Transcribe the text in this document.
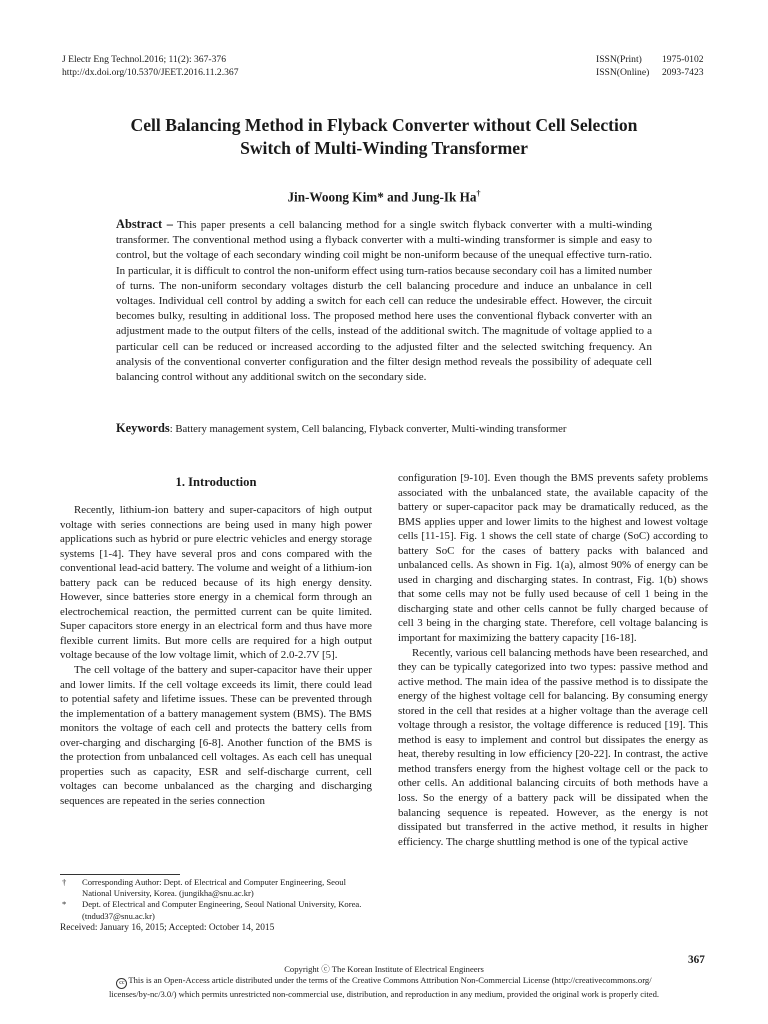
J Electr Eng Technol.2016; 11(2): 367-376
http://dx.doi.org/10.5370/JEET.2016.11.2.367
ISSN(Print) 1975-0102
ISSN(Online) 2093-7423
Cell Balancing Method in Flyback Converter without Cell Selection
Switch of Multi-Winding Transformer
Jin-Woong Kim* and Jung-Ik Ha†
Abstract – This paper presents a cell balancing method for a single switch flyback converter with a multi-winding transformer. The conventional method using a flyback converter with a multi-winding transformer is simple and easy to control, but the voltage of each secondary winding coil might be non-uniform because of the unequal effective turn-ratio. In particular, it is difficult to control the non-uniform effect using turn-ratios because secondary coil has a limited number of turns. The non-uniform secondary voltages disturb the cell balancing procedure and induce an unbalance in cell voltages. Individual cell control by adding a switch for each cell can reduce the undesirable effect. However, the circuit becomes bulky, resulting in additional loss. The proposed method here uses the conventional flyback converter with an adjustment made to the output filters of the cells, instead of the additional switch. The magnitude of voltage applied to a particular cell can be reduced or increased according to the adjusted filter and the selected switching frequency. An analysis of the conventional converter configuration and the filter design method reveals the possibility of adequate cell balancing control without any additional switch on the secondary side.
Keywords: Battery management system, Cell balancing, Flyback converter, Multi-winding transformer
1. Introduction

Recently, lithium-ion battery and super-capacitors of high output voltage with series connections are being used in many high power applications such as hybrid or pure electric vehicles and energy storage systems [1-4]. They have several pros and cons compared with the conventional lead-acid battery. The volume and weight of a lithium-ion battery pack can be reduced because of its high energy density. However, since batteries store energy in a chemical form through an electrochemical reaction, the permitted current can be quite limited. Super capacitors store energy in an electrical form and thus have more flexible current limits. But more cells are required for a high output voltage because of the low voltage limit, which of 2.0-2.7V [5].

The cell voltage of the battery and super-capacitor have their upper and lower limits. If the cell voltage exceeds its limit, there could lead to potential safety and lifetime issues. These can be prevented through the implementation of a battery management system (BMS). The BMS monitors the voltage of each cell and protects the battery cells from over-charging and discharging [6-8]. Another function of the BMS is the protection from unbalanced cell voltages. As each cell has unequal properties such as capacity, ESR and self-discharge current, cell voltages can become unbalanced as the charging and discharging sequences are repeated in the series connection

configuration [9-10]. Even though the BMS prevents safety problems associated with the unbalanced state, the available capacity of the battery or super-capacitor pack may be dramatically reduced, as the BMS applies upper and lower limits to the highest and lowest voltage cells [11-15]. Fig. 1 shows the cell state of charge (SoC) according to battery SoC for the cases of battery packs with balanced and unbalanced cells. As shown in Fig. 1(a), almost 90% of energy can be used in charging and discharging states. In contrast, Fig. 1(b) shows that some cells may not be fully used because of cell 1 being in the discharging state and other cells cannot be fully charged because of cell 3 being in the charging state. Therefore, cell voltage balancing is important for maximizing the battery capacity [16-18].

Recently, various cell balancing methods have been researched, and they can be typically categorized into two types: passive method and active method. The main idea of the passive method is to dissipate the energy of the highest voltage cell for balancing. By consuming energy stored in the cell that resides at a higher voltage than the average cell voltage through a resistor, the voltage difference is reduced [19]. This method is easy to implement and control but dissipates the energy as heat, thereby resulting in low efficiency [20-22]. In contrast, the active method transfers energy from the highest voltage cell or the pack to other cells. An additional balancing circuits of both methods have a loss. So the energy of a battery pack will be dissipated when the balancing sequence is repeated. However, as the energy is not dissipated but transferred in the active method, it results in higher efficiency. The charge shuttling method is one of the typical active

†	Corresponding Author: Dept. of Electrical and Computer Engineering, Seoul National University, Korea. (jungikha@snu.ac.kr)
*	Dept. of Electrical and Computer Engineering, Seoul National University, Korea. (tndud37@snu.ac.kr)
Received: January 16, 2015; Accepted: October 14, 2015
367
Copyright ⓒ The Korean Institute of Electrical Engineers
cc This is an Open-Access article distributed under the terms of the Creative Commons Attribution Non-Commercial License (http://creativecommons.org/
licenses/by-nc/3.0/) which permits unrestricted non-commercial use, distribution, and reproduction in any medium, provided the original work is properly cited.
